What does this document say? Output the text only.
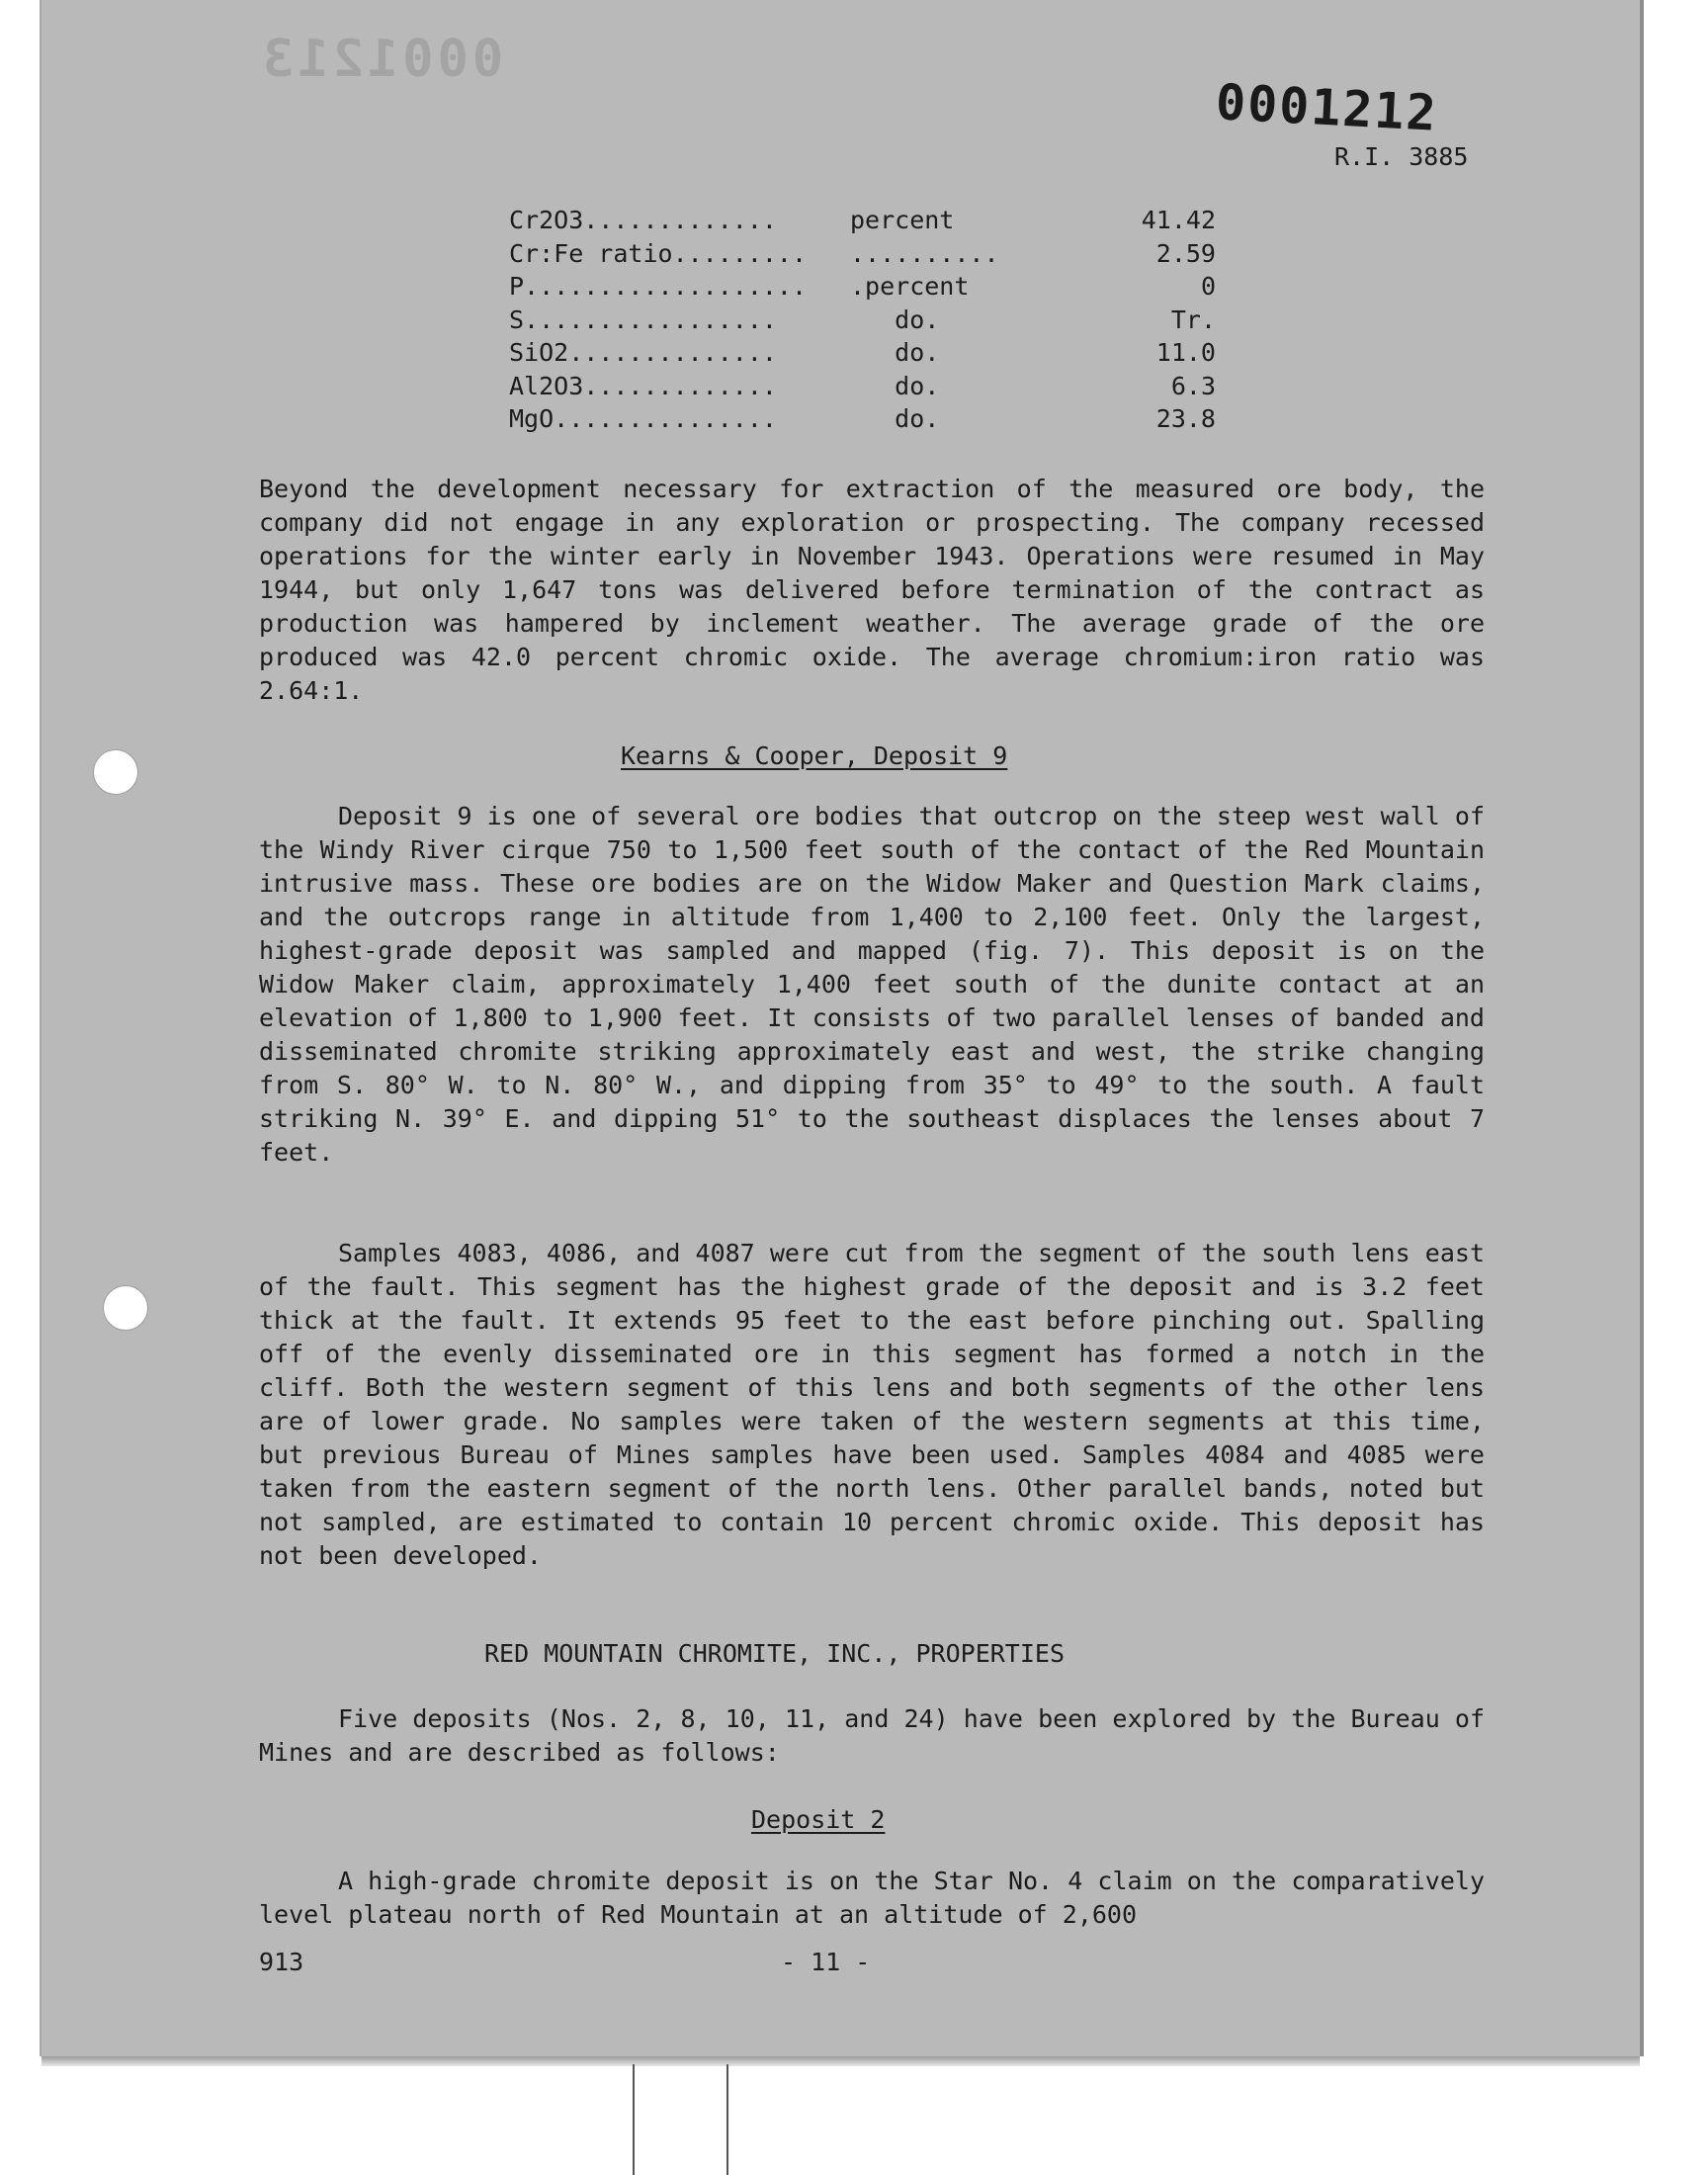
0001213
0001212
R.I. 3885
Cr2O3.............	percent	41.42
Cr:Fe ratio.........	..........	2.59
P...................	.percent	0
S.................	do.	Tr.
SiO2..............	do.	11.0
Al2O3.............	do.	6.3
MgO...............	do.	23.8

Beyond the development necessary for extraction of the measured ore body, the company did not engage in any exploration or prospecting. The company recessed operations for the winter early in November 1943. Operations were resumed in May 1944, but only 1,647 tons was delivered before termination of the contract as production was hampered by inclement weather. The average grade of the ore produced was 42.0 percent chromic oxide. The average chromium:iron ratio was 2.64:1.

Kearns & Cooper, Deposit 9

Deposit 9 is one of several ore bodies that outcrop on the steep west wall of the Windy River cirque 750 to 1,500 feet south of the contact of the Red Mountain intrusive mass. These ore bodies are on the Widow Maker and Question Mark claims, and the outcrops range in altitude from 1,400 to 2,100 feet. Only the largest, highest-grade deposit was sampled and mapped (fig. 7). This deposit is on the Widow Maker claim, approximately 1,400 feet south of the dunite contact at an elevation of 1,800 to 1,900 feet. It consists of two parallel lenses of banded and disseminated chromite striking approximately east and west, the strike changing from S. 80° W. to N. 80° W., and dipping from 35° to 49° to the south. A fault striking N. 39° E. and dipping 51° to the southeast displaces the lenses about 7 feet.

Samples 4083, 4086, and 4087 were cut from the segment of the south lens east of the fault. This segment has the highest grade of the deposit and is 3.2 feet thick at the fault. It extends 95 feet to the east before pinching out. Spalling off of the evenly disseminated ore in this segment has formed a notch in the cliff. Both the western segment of this lens and both segments of the other lens are of lower grade. No samples were taken of the western segments at this time, but previous Bureau of Mines samples have been used. Samples 4084 and 4085 were taken from the eastern segment of the north lens. Other parallel bands, noted but not sampled, are estimated to contain 10 percent chromic oxide. This deposit has not been developed.

RED MOUNTAIN CHROMITE, INC., PROPERTIES

Five deposits (Nos. 2, 8, 10, 11, and 24) have been explored by the Bureau of Mines and are described as follows:

Deposit 2

A high-grade chromite deposit is on the Star No. 4 claim on the comparatively level plateau north of Red Mountain at an altitude of 2,600

913	- 11 -
